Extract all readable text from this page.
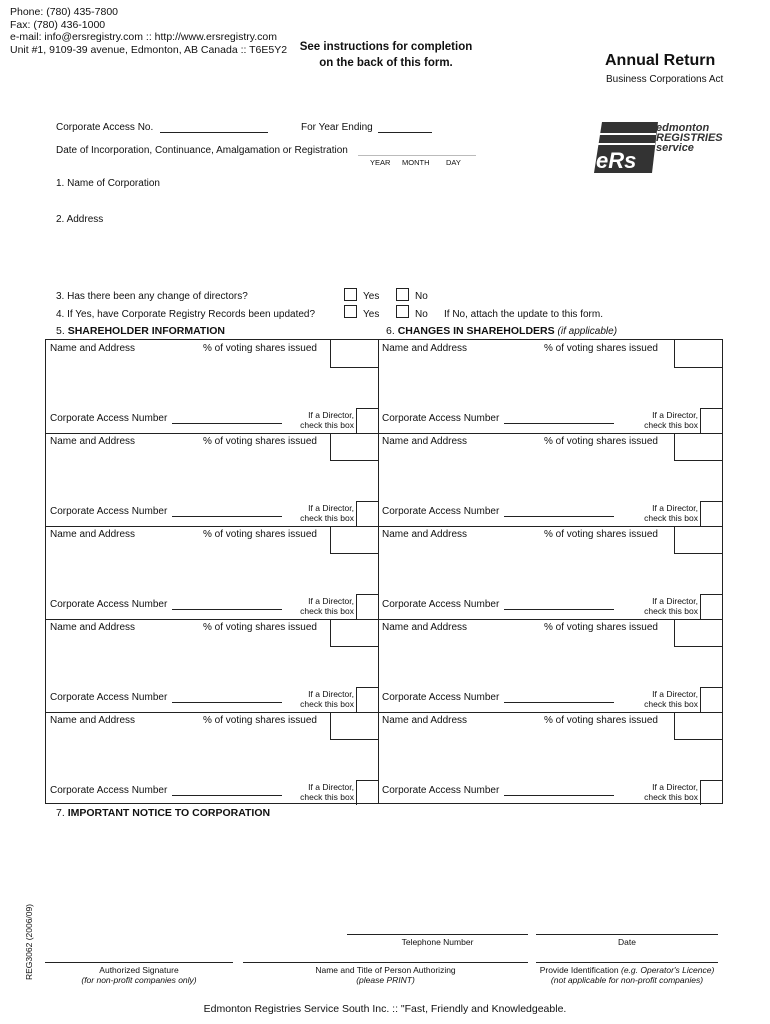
Phone: (780) 435-7800
Fax: (780) 436-1000
e-mail: info@ersregistry.com :: http://www.ersregistry.com
Unit #1, 9109-39 avenue, Edmonton, AB Canada :: T6E5Y2	See instructions for completion
on the back of this form.	Annual Return
Business Corporations Act
eRs
edmonton
REGISTRIES
service
Corporate Access No.	For Year Ending
Date of Incorporation, Continuance, Amalgamation or Registration
YEAR MONTH DAY
1. Name of Corporation
2. Address
3. Has there been any change of directors?	Yes	No
4. If Yes, have Corporate Registry Records been updated?	Yes	No If No, attach the update to this form.
5. SHAREHOLDER INFORMATION	6. CHANGES IN SHAREHOLDERS (if applicable)
Name and Address	% of voting shares issued
Corporate Access Number	If a Director,
check this box
Name and Address	% of voting shares issued
Corporate Access Number	If a Director,
check this box
Name and Address	% of voting shares issued
Corporate Access Number	If a Director,
check this box
Name and Address	% of voting shares issued
Corporate Access Number	If a Director,
check this box
Name and Address	% of voting shares issued
Corporate Access Number	If a Director,
check this box
Name and Address	% of voting shares issued
Corporate Access Number	If a Director,
check this box
Name and Address	% of voting shares issued
Corporate Access Number	If a Director,
check this box
Name and Address	% of voting shares issued
Corporate Access Number	If a Director,
check this box
Name and Address	% of voting shares issued
Corporate Access Number	If a Director,
check this box
Name and Address	% of voting shares issued
Corporate Access Number	If a Director,
check this box
7. IMPORTANT NOTICE TO CORPORATION
REG3062 (2006/09)	Telephone Number	Date
Authorized Signature
(for non-profit companies only)
Name and Title of Person Authorizing
(please PRINT)
Provide Identification (e.g. Operator's Licence)
(not applicable for non-profit companies)
Edmonton Registries Service South Inc. :: "Fast, Friendly and Knowledgeable.
